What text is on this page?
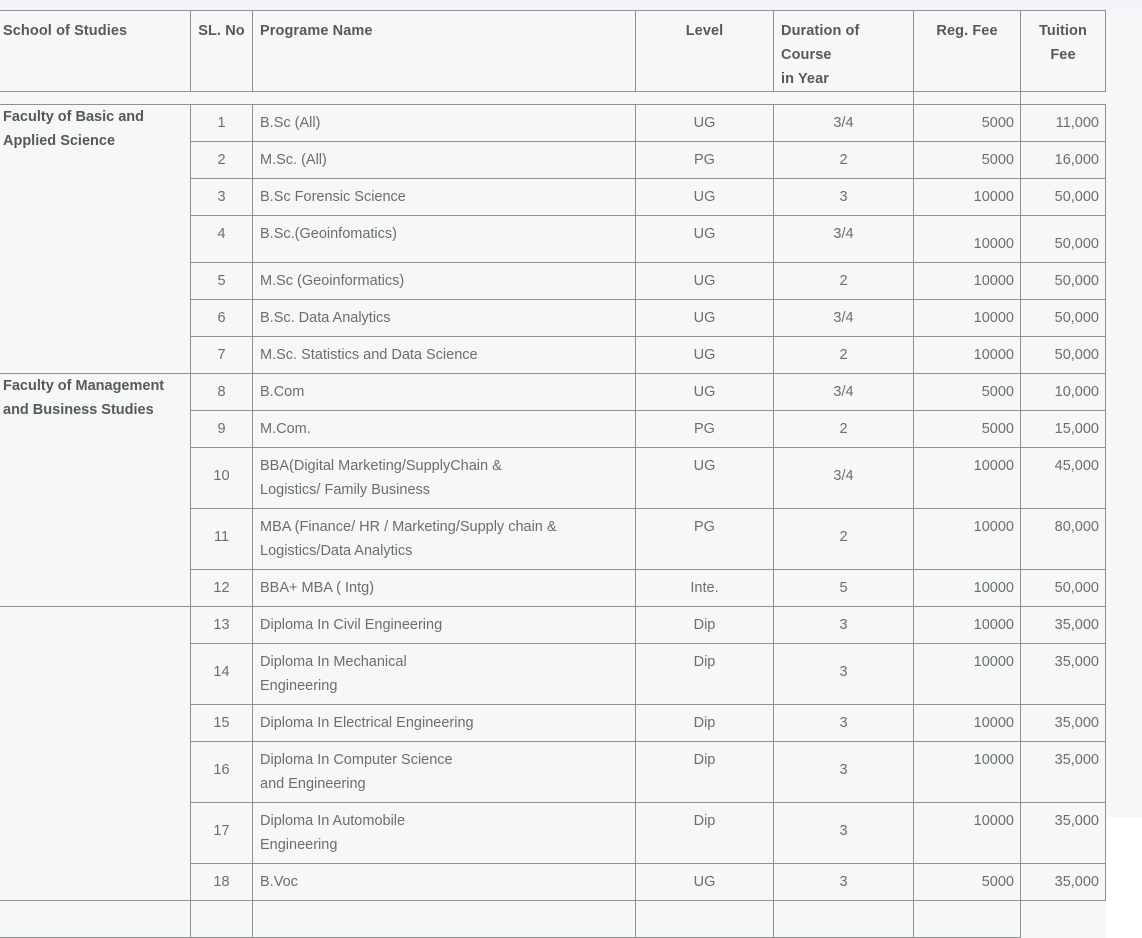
School of Studies	SL. No	Programe Name	Level	Duration of Course
in Year	Reg. Fee	Tuition Fee

Faculty of Basic and
Applied Science	1	B.Sc (All)	UG	3/4	5000	11,000

	2	M.Sc. (All)	PG	2	5000	16,000

	3	B.Sc Forensic Science	UG	3	10000	50,000

	4	B.Sc.(Geoinfomatics)	UG	3/4	10000	50,000

	5	M.Sc (Geoinformatics)	UG	2	10000	50,000

	6	B.Sc. Data Analytics	UG	3/4	10000	50,000

	7	M.Sc. Statistics and Data Science	UG	2	10000	50,000

Faculty of Management
and Business Studies	8	B.Com	UG	3/4	5000	10,000

	9	M.Com.	PG	2	5000	15,000

	10	BBA(Digital Marketing/SupplyChain &
Logistics/ Family Business	UG	3/4	10000	45,000

	11	MBA (Finance/ HR / Marketing/Supply chain &
Logistics/Data Analytics	PG	2	10000	80,000

	12	BBA+ MBA ( Intg)	Inte.	5	10000	50,000

	13	Diploma In Civil Engineering	Dip	3	10000	35,000

	14	Diploma In Mechanical
Engineering	Dip	3	10000	35,000

	15	Diploma In Electrical Engineering	Dip	3	10000	35,000

	16	Diploma In Computer Science
and Engineering	Dip	3	10000	35,000

	17	Diploma In Automobile
Engineering	Dip	3	10000	35,000

	18	B.Voc	UG	3	5000	35,000
